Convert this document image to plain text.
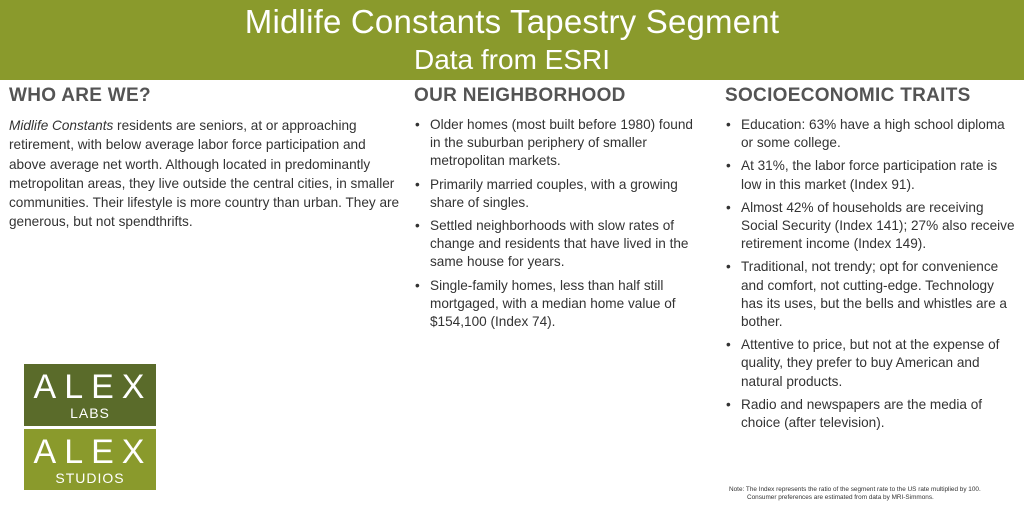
Midlife Constants Tapestry Segment
Data from ESRI
WHO ARE WE?

Midlife Constants residents are seniors, at or approaching retirement, with below average labor force participation and above average net worth. Although located in predominantly metropolitan areas, they live outside the central cities, in smaller communities. Their lifestyle is more country than urban. They are generous, but not spendthrifts.

OUR NEIGHBORHOOD
• Older homes (most built before 1980) found in the suburban periphery of smaller metropolitan markets.
• Primarily married couples, with a growing share of singles.
• Settled neighborhoods with slow rates of change and residents that have lived in the same house for years.
• Single-family homes, less than half still mortgaged, with a median home value of $154,100 (Index 74).
SOCIOECONOMIC TRAITS
• Education: 63% have a high school diploma or some college.
• At 31%, the labor force participation rate is low in this market (Index 91).
• Almost 42% of households are receiving Social Security (Index 141); 27% also receive retirement income (Index 149).
• Traditional, not trendy; opt for convenience and comfort, not cutting-edge. Technology has its uses, but the bells and whistles are a bother.
• Attentive to price, but not at the expense of quality, they prefer to buy American and natural products.
• Radio and newspapers are the media of choice (after television).
ALEX
LABS
ALEX
STUDIOS
Note: The Index represents the ratio of the segment rate to the US rate multiplied by 100.
Consumer preferences are estimated from data by MRI-Simmons.
